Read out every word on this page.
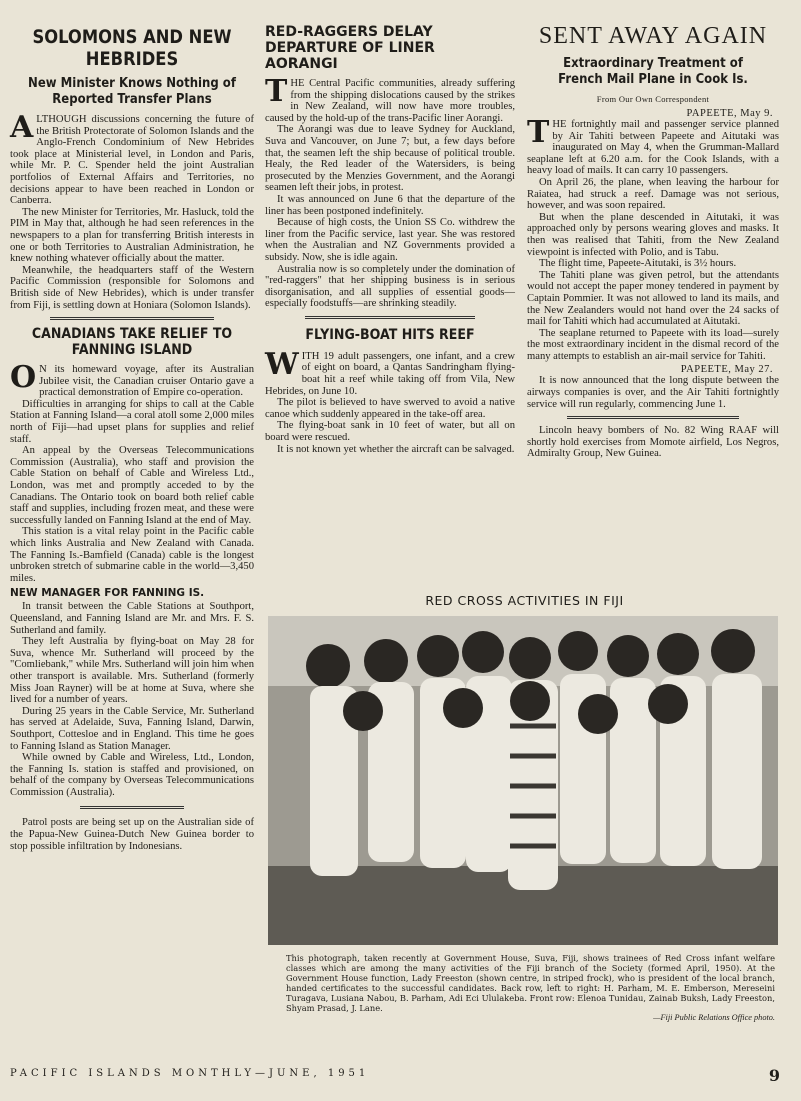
SOLOMONS AND NEW HEBRIDES
New Minister Knows Nothing of Reported Transfer Plans
A LTHOUGH discussions concerning the future of the British Protectorate of Solomon Islands and the Anglo-French Condominium of New Hebrides took place at Ministerial level, in London and Paris, while Mr. P. C. Spender held the joint Australian portfolios of External Affairs and Territories, no decisions appear to have been reached in London or Canberra.

The new Minister for Territories, Mr. Hasluck, told the PIM in May that, although he had seen references in the newspapers to a plan for transferring British interests in one or both Territories to Australian Administration, he knew nothing whatever officially about the matter.

Meanwhile, the headquarters staff of the Western Pacific Commission (responsible for Solomons and British side of New Hebrides), which is under transfer from Fiji, is settling down at Honiara (Solomon Islands).

CANADIANS TAKE RELIEF TO FANNING ISLAND
O N its homeward voyage, after its Australian Jubilee visit, the Canadian cruiser Ontario gave a practical demonstration of Empire co-operation.

Difficulties in arranging for ships to call at the Cable Station at Fanning Island—a coral atoll some 2,000 miles north of Fiji—had upset plans for supplies and relief staff.

An appeal by the Overseas Telecommunications Commission (Australia), who staff and provision the Cable Station on behalf of Cable and Wireless Ltd., London, was met and promptly acceded to by the Canadians. The Ontario took on board both relief cable staff and supplies, including frozen meat, and these were successfully landed on Fanning Island at the end of May.

This station is a vital relay point in the Pacific cable which links Australia and New Zealand with Canada. The Fanning Is.-Bamfield (Canada) cable is the longest unbroken stretch of submarine cable in the world—3,450 miles.

NEW MANAGER FOR FANNING IS.

In transit between the Cable Stations at Southport, Queensland, and Fanning Island are Mr. and Mrs. F. S. Sutherland and family.

They left Australia by flying-boat on May 28 for Suva, whence Mr. Sutherland will proceed by the "Comliebank," while Mrs. Sutherland will join him when other transport is available. Mrs. Sutherland (formerly Miss Joan Rayner) will be at home at Suva, where she lived for a number of years.

During 25 years in the Cable Service, Mr. Sutherland has served at Adelaide, Suva, Fanning Island, Darwin, Southport, Cottesloe and in England. This time he goes to Fanning Island as Station Manager.

While owned by Cable and Wireless, Ltd., London, the Fanning Is. station is staffed and provisioned, on behalf of the company by Overseas Telecommunications Commission (Australia).

Patrol posts are being set up on the Australian side of the Papua-New Guinea-Dutch New Guinea border to stop possible infiltration by Indonesians.

RED-RAGGERS DELAY DEPARTURE OF LINER AORANGI
T HE Central Pacific communities, already suffering from the shipping dislocations caused by the strikes in New Zealand, will now have more troubles, caused by the hold-up of the trans-Pacific liner Aorangi.

The Aorangi was due to leave Sydney for Auckland, Suva and Vancouver, on June 7; but, a few days before that, the seamen left the ship because of political trouble. Healy, the Red leader of the Watersiders, is being prosecuted by the Menzies Government, and the Aorangi seamen left their jobs, in protest.

It was announced on June 6 that the departure of the liner has been postponed indefinitely.

Because of high costs, the Union SS Co. withdrew the liner from the Pacific service, last year. She was restored when the Australian and NZ Governments provided a subsidy. Now, she is idle again.

Australia now is so completely under the domination of "red-raggers" that her shipping business is in serious disorganisation, and all supplies of essential goods—especially foodstuffs—are shrinking steadily.

FLYING-BOAT HITS REEF
W ITH 19 adult passengers, one infant, and a crew of eight on board, a Qantas Sandringham flying-boat hit a reef while taking off from Vila, New Hebrides, on June 10.

The pilot is believed to have swerved to avoid a native canoe which suddenly appeared in the take-off area.

The flying-boat sank in 10 feet of water, but all on board were rescued.

It is not known yet whether the aircraft can be salvaged.

SENT AWAY AGAIN
Extraordinary Treatment of French Mail Plane in Cook Is.
From Our Own Correspondent
PAPEETE, May 9.
T HE fortnightly mail and passenger service planned by Air Tahiti between Papeete and Aitutaki was inaugurated on May 4, when the Grumman-Mallard seaplane left at 6.20 a.m. for the Cook Islands, with a heavy load of mails. It can carry 10 passengers.

On April 26, the plane, when leaving the harbour for Raiatea, had struck a reef. Damage was not serious, however, and was soon repaired.

But when the plane descended in Aitutaki, it was approached only by persons wearing gloves and masks. It then was realised that Tahiti, from the New Zealand viewpoint is infected with Polio, and is Tabu.

The flight time, Papeete-Aitutaki, is 3½ hours.

The Tahiti plane was given petrol, but the attendants would not accept the paper money tendered in payment by Captain Pommier. It was not allowed to land its mails, and the New Zealanders would not hand over the 24 sacks of mail for Tahiti which had accumulated at Aitutaki.

The seaplane returned to Papeete with its load—surely the most extraordinary incident in the dismal record of the many attempts to establish an air-mail service for Tahiti.

PAPEETE, May 27.

It is now announced that the long dispute between the airways companies is over, and the Air Tahiti fortnightly service will run regularly, commencing June 1.

Lincoln heavy bombers of No. 82 Wing RAAF will shortly hold exercises from Momote airfield, Los Negros, Admiralty Group, New Guinea.

RED CROSS ACTIVITIES IN FIJI

This photograph, taken recently at Government House, Suva, Fiji, shows trainees of Red Cross infant welfare classes which are among the many activities of the Fiji branch of the Society (formed April, 1950). At the Government House function, Lady Freeston (shown centre, in striped frock), who is president of the local branch, handed certificates to the successful candidates. Back row, left to right: H. Parham, M. E. Emberson, Mereseini Turagava, Lusiana Nabou, B. Parham, Adi Eci Ululakeba. Front row: Elenoa Tunidau, Zainab Buksh, Lady Freeston, Shyam Prasad, J. Lane.

—Fiji Public Relations Office photo.

PACIFIC ISLANDS MONTHLY—JUNE, 1951	9
